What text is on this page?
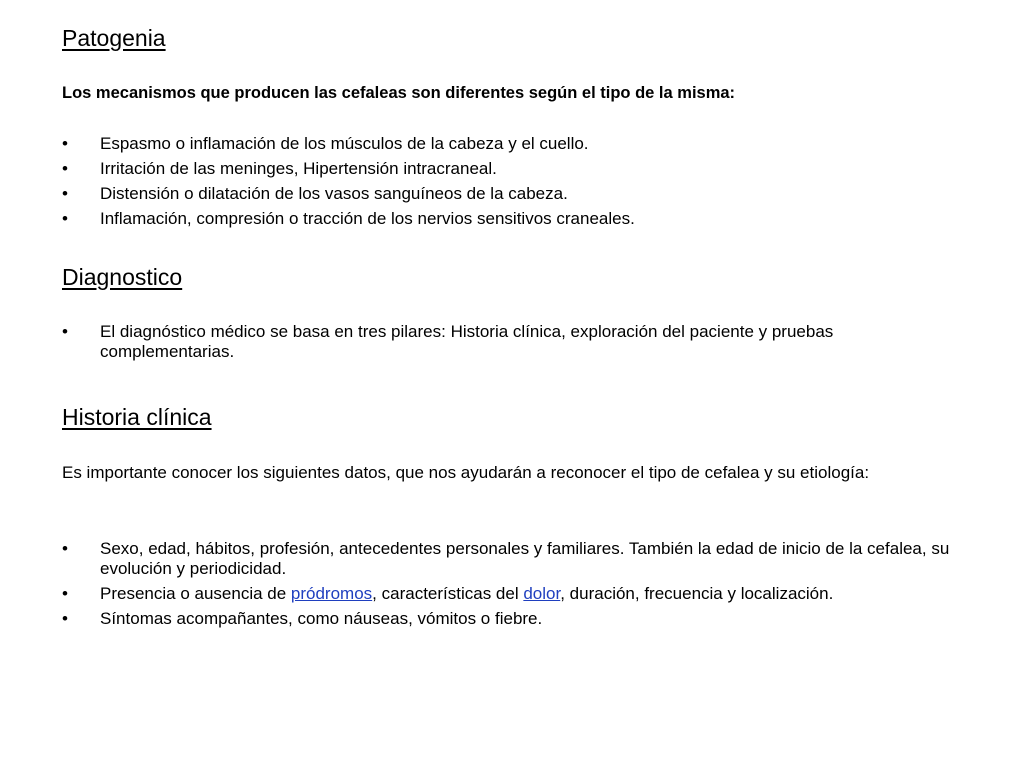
Patogenia

Los mecanismos que producen las cefaleas son diferentes según el tipo de la misma:

• Espasmo o inflamación de los músculos de la cabeza y el cuello.
• Irritación de las meninges, Hipertensión intracraneal.
• Distensión o dilatación de los vasos sanguíneos de la cabeza.
• Inflamación, compresión o tracción de los nervios sensitivos craneales.
Diagnostico
• El diagnóstico médico se basa en tres pilares: Historia clínica, exploración del paciente y pruebas complementarias.
Historia clínica

Es importante conocer los siguientes datos, que nos ayudarán a reconocer el tipo de cefalea y su etiología:

• Sexo, edad, hábitos, profesión, antecedentes personales y familiares. También la edad de inicio de la cefalea, su evolución y periodicidad.
• Presencia o ausencia de pródromos, características del dolor, duración, frecuencia y localización.
• Síntomas acompañantes, como náuseas, vómitos o fiebre.
